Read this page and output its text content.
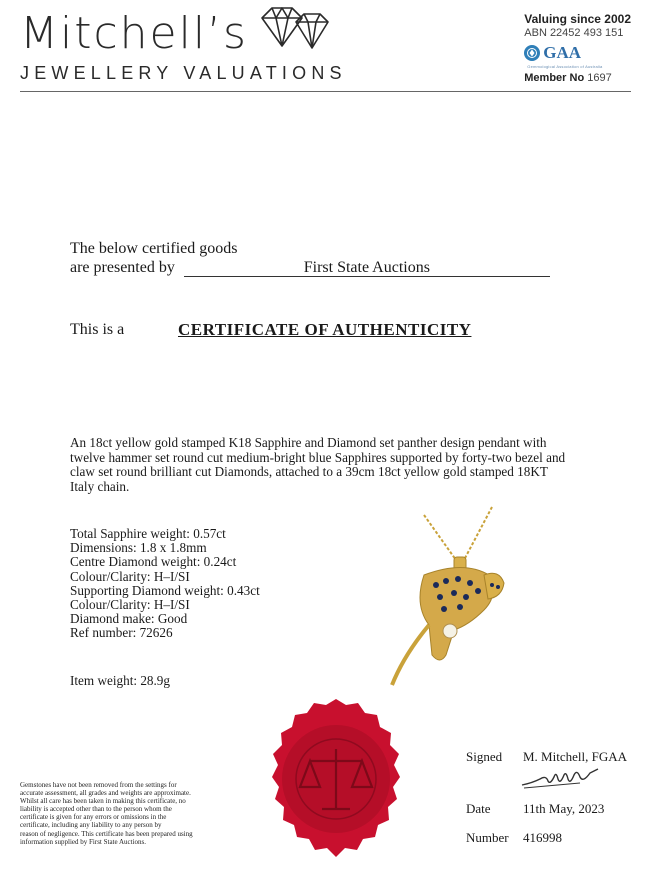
Mitchell’s
JEWELLERY VALUATIONS
Valuing since 2002
ABN 22452 493 151
GAA
Gemmological Association of Australia
Member No 1697
The below certified goods
are presented by	First State Auctions
This is a	CERTIFICATE OF AUTHENTICITY
An 18ct yellow gold stamped K18 Sapphire and Diamond set panther design pendant with twelve hammer set round cut medium-bright blue Sapphires supported by forty-two bezel and claw set round brilliant cut Diamonds, attached to a 39cm 18ct yellow gold stamped 18KT Italy chain.
Total Sapphire weight: 0.57ct
Dimensions: 1.8 x 1.8mm
Centre Diamond weight: 0.24ct
Colour/Clarity: H–I/SI
Supporting Diamond weight: 0.43ct
Colour/Clarity: H–I/SI
Diamond make: Good
Ref number: 72626
Item weight: 28.9g
Gemstones have not been removed from the settings for
accurate assessment, all grades and weights are approximate.
Whilst all care has been taken in making this certificate, no
liability is accepted other than to the person whom the
certificate is given for any errors or omissions in the
certificate, including any liability to any person by
reason of negligence. This certificate has been prepared using
information supplied by First State Auctions.
Signed M. Mitchell, FGAA
Date 11th May, 2023
Number 416998
